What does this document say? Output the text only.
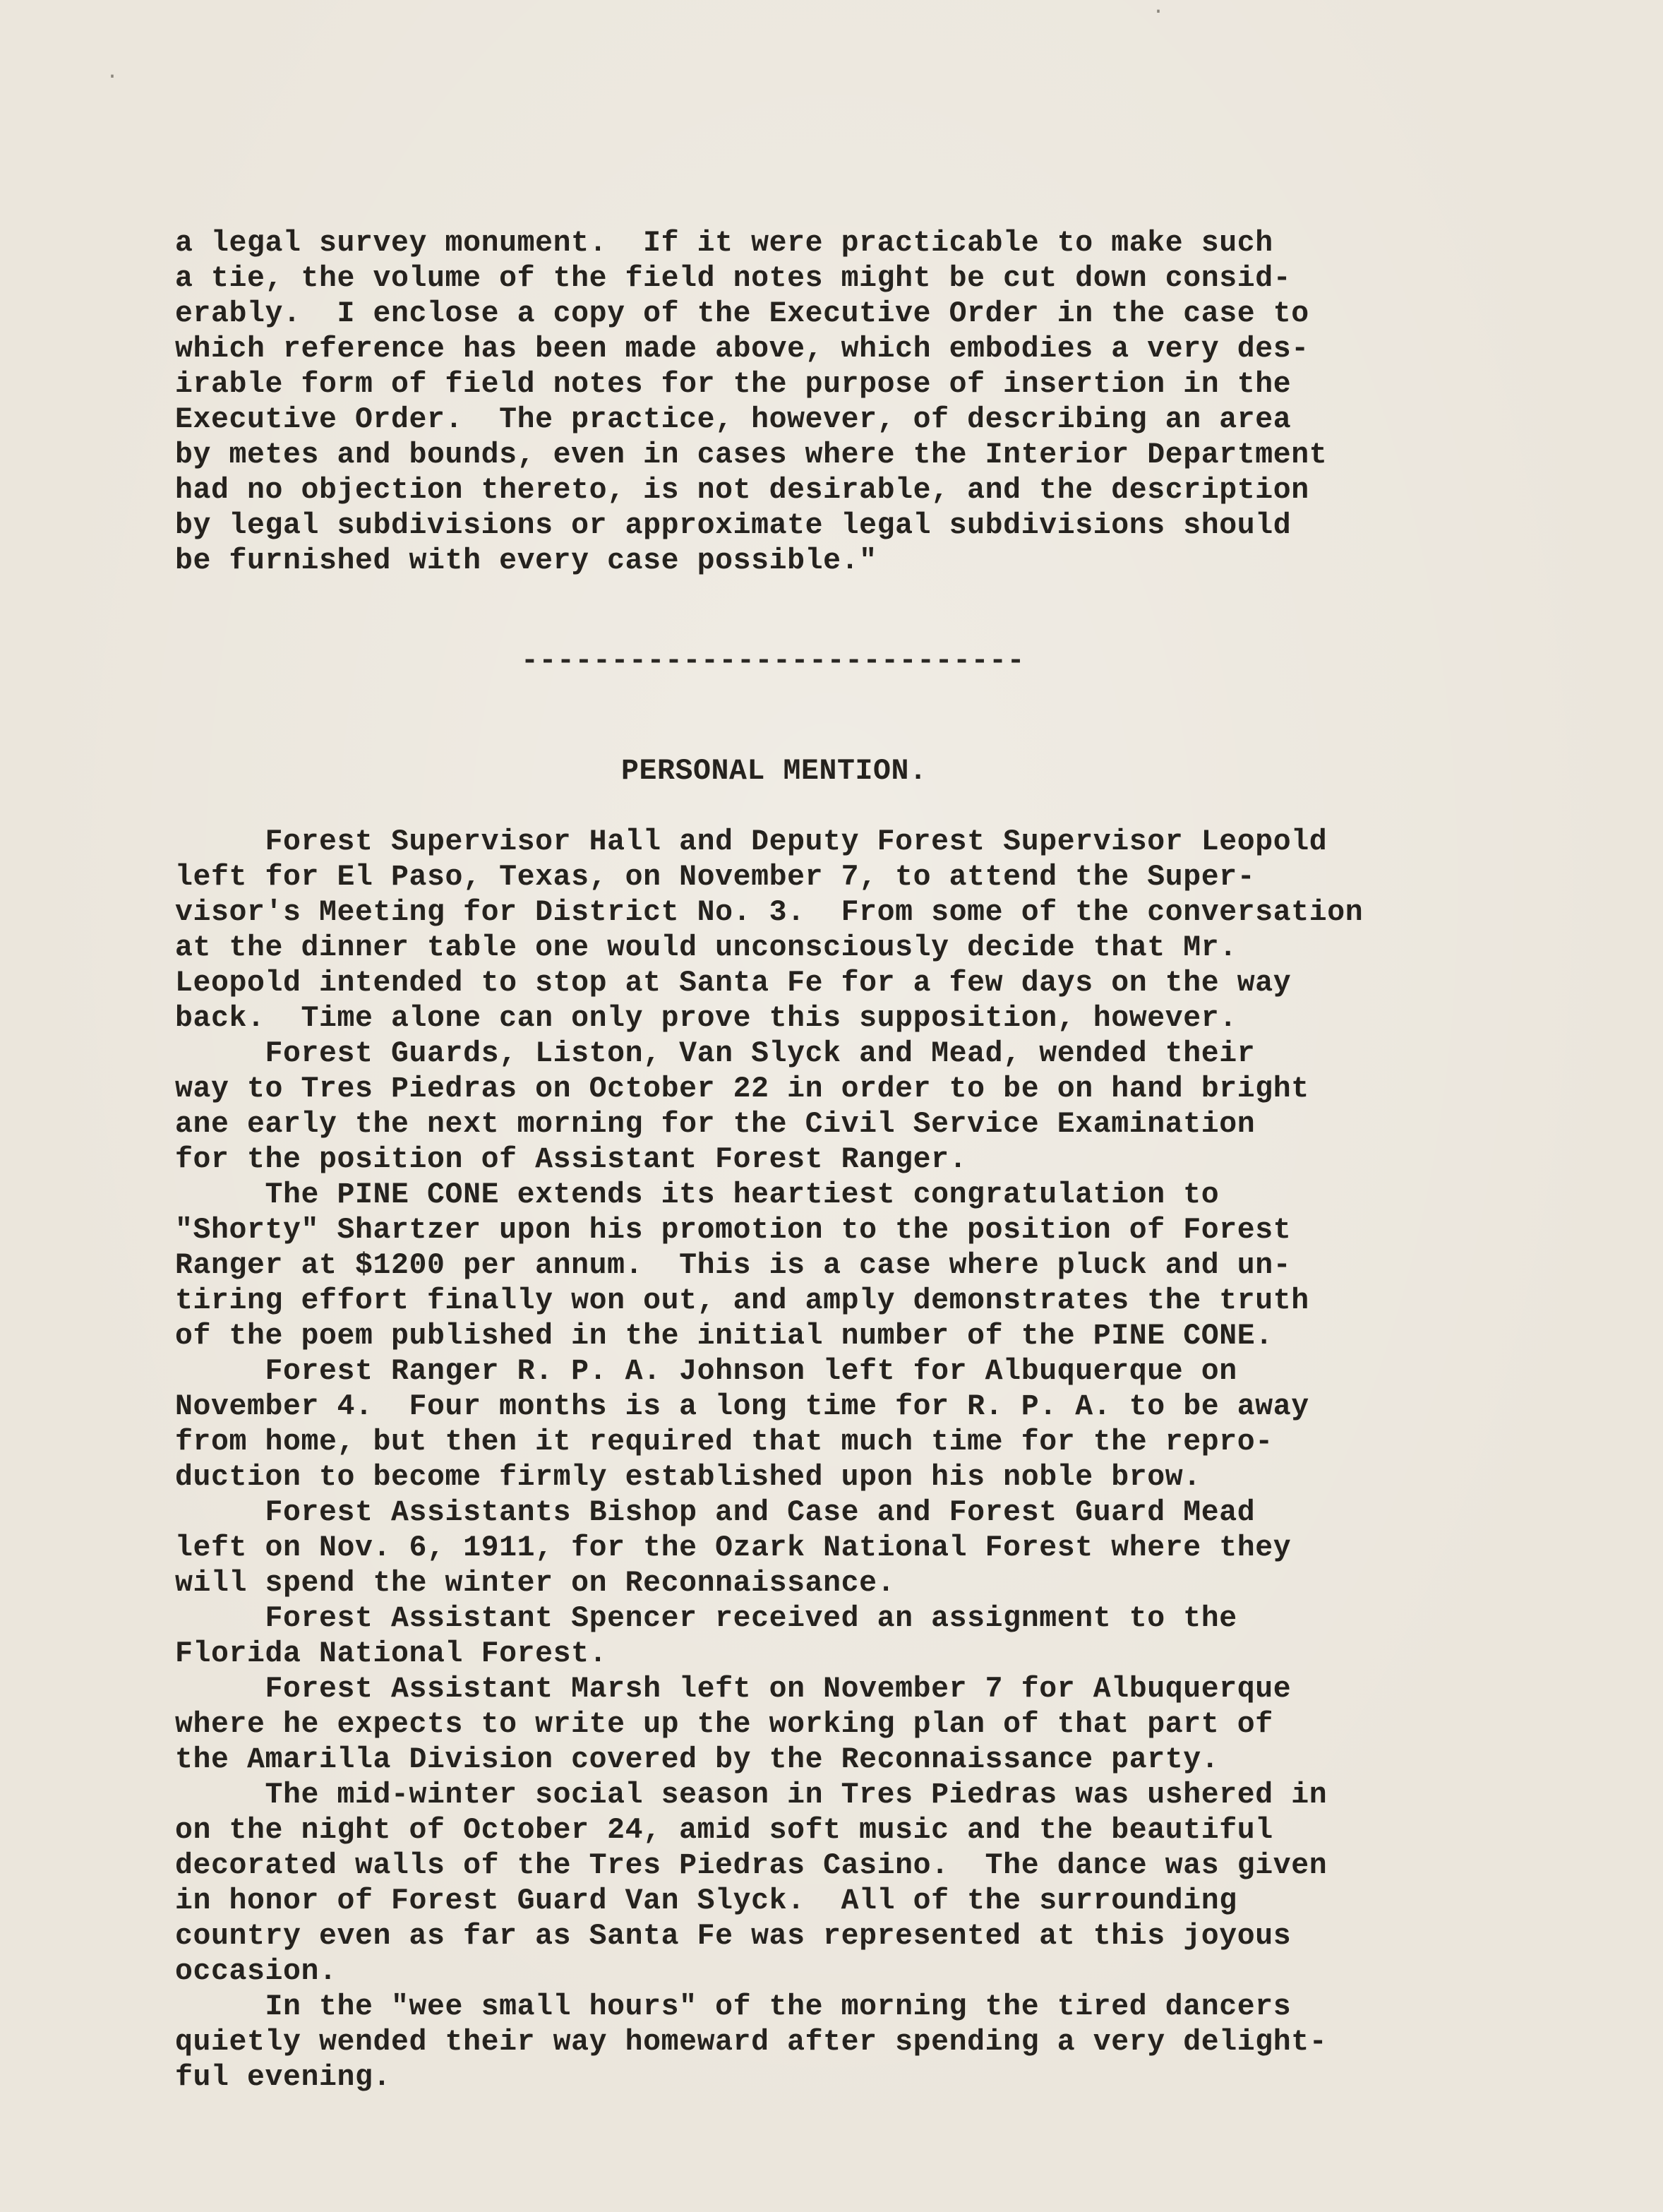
·
·
a legal survey monument.  If it were practicable to make such
a tie, the volume of the field notes might be cut down consid-
erably.  I enclose a copy of the Executive Order in the case to
which reference has been made above, which embodies a very des-
irable form of field notes for the purpose of insertion in the
Executive Order.  The practice, however, of describing an area
by metes and bounds, even in cases where the Interior Department
had no objection thereto, is not desirable, and the description
by legal subdivisions or approximate legal subdivisions should
be furnished with every case possible."
----------------------------
PERSONAL MENTION.
Forest Supervisor Hall and Deputy Forest Supervisor Leopold
left for El Paso, Texas, on November 7, to attend the Super-
visor's Meeting for District No. 3.  From some of the conversation
at the dinner table one would unconsciously decide that Mr.
Leopold intended to stop at Santa Fe for a few days on the way
back.  Time alone can only prove this supposition, however.
Forest Guards, Liston, Van Slyck and Mead, wended their
way to Tres Piedras on October 22 in order to be on hand bright
ane early the next morning for the Civil Service Examination
for the position of Assistant Forest Ranger.
The PINE CONE extends its heartiest congratulation to
"Shorty" Shartzer upon his promotion to the position of Forest
Ranger at $1200 per annum.  This is a case where pluck and un-
tiring effort finally won out, and amply demonstrates the truth
of the poem published in the initial number of the PINE CONE.
Forest Ranger R. P. A. Johnson left for Albuquerque on
November 4.  Four months is a long time for R. P. A. to be away
from home, but then it required that much time for the repro-
duction to become firmly established upon his noble brow.
Forest Assistants Bishop and Case and Forest Guard Mead
left on Nov. 6, 1911, for the Ozark National Forest where they
will spend the winter on Reconnaissance.
Forest Assistant Spencer received an assignment to the
Florida National Forest.
Forest Assistant Marsh left on November 7 for Albuquerque
where he expects to write up the working plan of that part of
the Amarilla Division covered by the Reconnaissance party.
The mid-winter social season in Tres Piedras was ushered in
on the night of October 24, amid soft music and the beautiful
decorated walls of the Tres Piedras Casino.  The dance was given
in honor of Forest Guard Van Slyck.  All of the surrounding
country even as far as Santa Fe was represented at this joyous
occasion.
In the "wee small hours" of the morning the tired dancers
quietly wended their way homeward after spending a very delight-
ful evening.
